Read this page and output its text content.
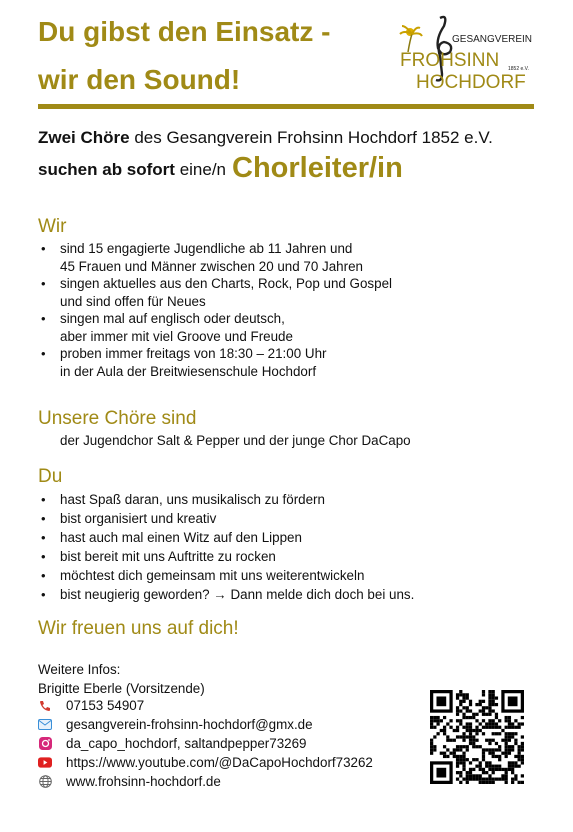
Du gibst den Einsatz -
wir den Sound!
GESANGVEREIN
FROHSINN
HOCHDORF
1852 e.V.
Zwei Chöre des Gesangverein Frohsinn Hochdorf 1852 e.V.
suchen ab sofort eine/n Chorleiter/in
Wir
• sind 15 engagierte Jugendliche ab 11 Jahren und
45 Frauen und Männer zwischen 20 und 70 Jahren
• singen aktuelles aus den Charts, Rock, Pop und Gospel
und sind offen für Neues
• singen mal auf englisch oder deutsch,
aber immer mit viel Groove und Freude
• proben immer freitags von 18:30 – 21:00 Uhr
in der Aula der Breitwiesenschule Hochdorf
Unsere Chöre sind
der Jugendchor Salt & Pepper und der junge Chor DaCapo
Du
• hast Spaß daran, uns musikalisch zu fördern
• bist organisiert und kreativ
• hast auch mal einen Witz auf den Lippen
• bist bereit mit uns Auftritte zu rocken
• möchtest dich gemeinsam mit uns weiterentwickeln
• bist neugierig geworden? → Dann melde dich doch bei uns.
Wir freuen uns auf dich!
Weitere Infos:
Brigitte Eberle (Vorsitzende)
07153 54907
gesangverein-frohsinn-hochdorf@gmx.de
da_capo_hochdorf, saltandpepper73269
https://www.youtube.com/@DaCapoHochdorf73262
www.frohsinn-hochdorf.de
